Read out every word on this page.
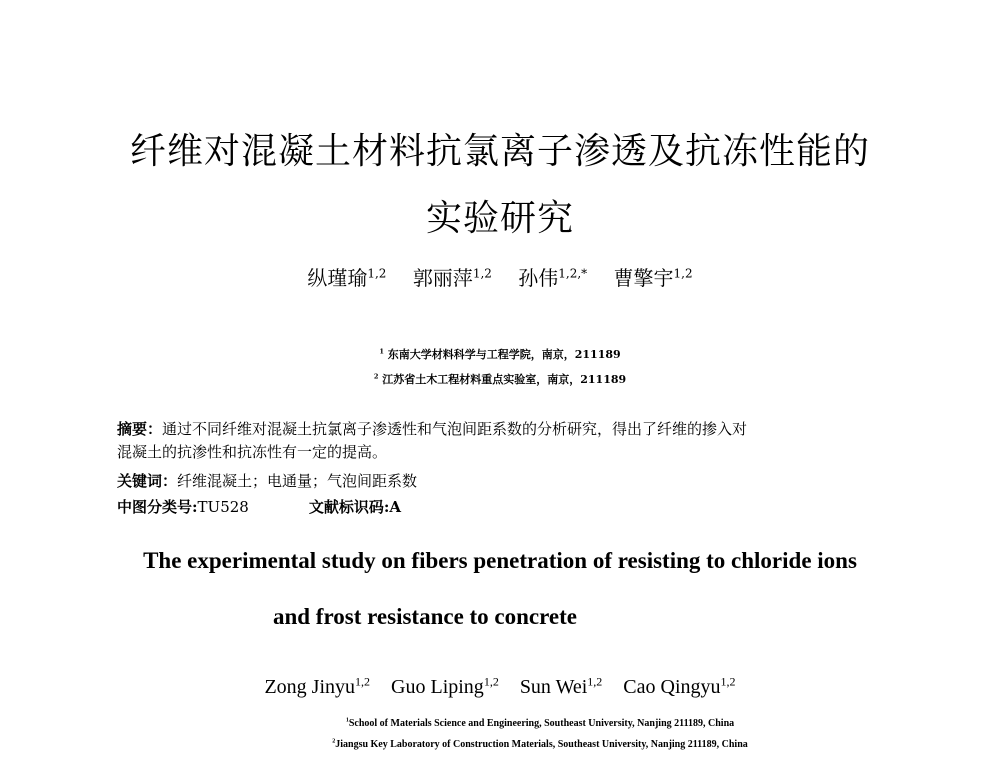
纤维对混凝土材料抗氯离子渗透及抗冻性能的
实验研究
纵瑾瑜$^{1,2}$ 郭丽萍$^{1,2}$ 孙伟$^{1,2,*}$ 曹擎宇$^{1,2}$
$^1$ 东南大学材料科学与工程学院，南京，211189
$^2$ 江苏省土木工程材料重点实验室，南京，211189
摘要：通过不同纤维对混凝土抗氯离子渗透性和气泡间距系数的分析研究，得出了纤维的掺入对
混凝土的抗渗性和抗冻性有一定的提高。
关键词：纤维混凝土；电通量；气泡间距系数
中图分类号:TU528	文献标识码:A
The experimental study on fibers penetration of resisting to chloride ions
and frost resistance to concrete
Zong Jinyu$^{1,2}$ Guo Liping$^{1,2}$ Sun Wei$^{1,2}$ Cao Qingyu$^{1,2}$
$^1$School of Materials Science and Engineering, Southeast University, Nanjing 211189, China
$^2$Jiangsu Key Laboratory of Construction Materials, Southeast University, Nanjing 211189, China
